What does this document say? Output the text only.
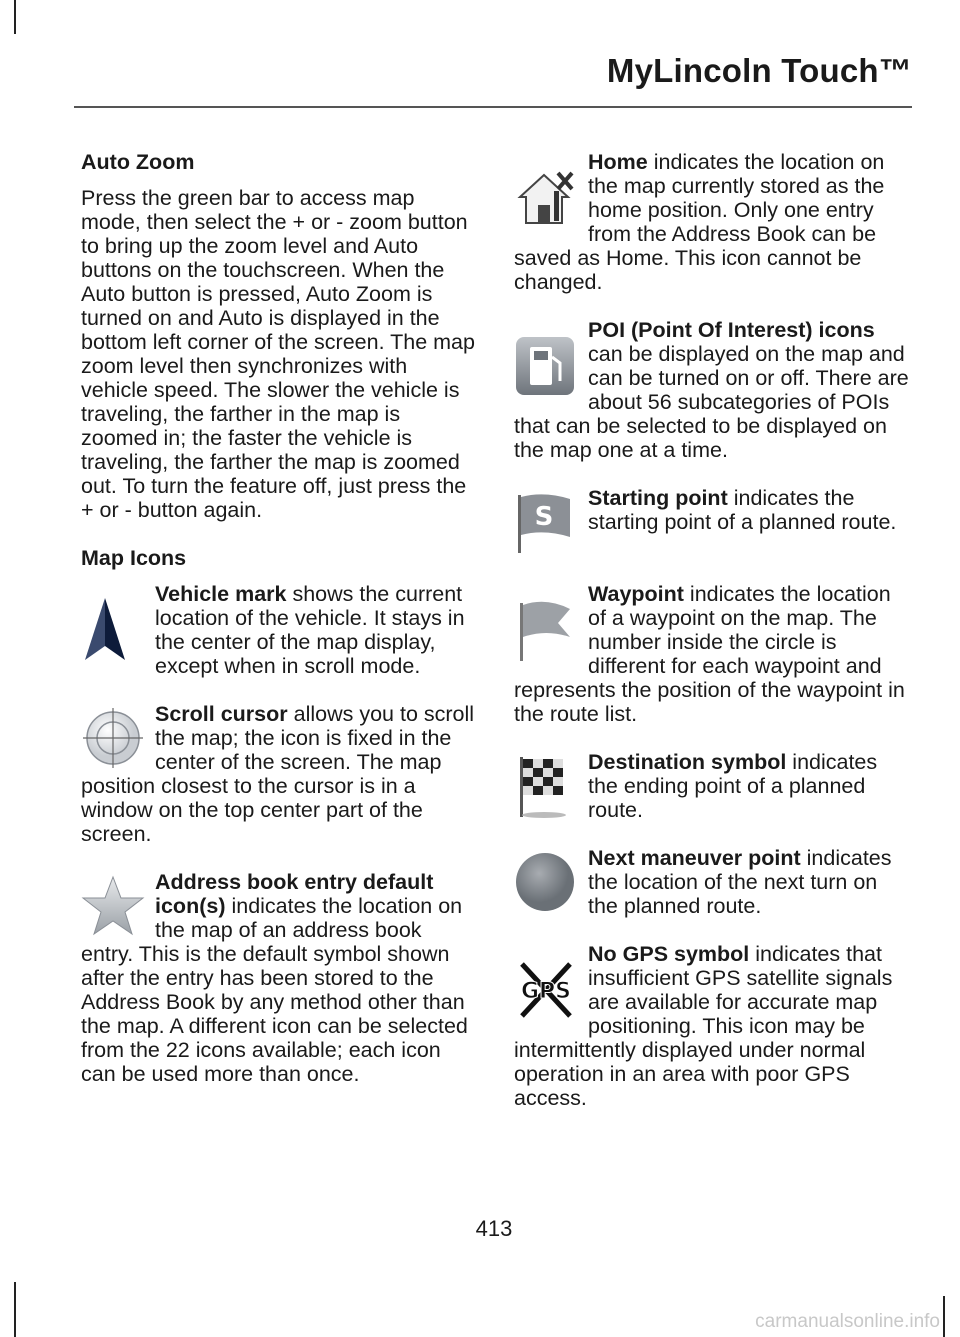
MyLincoln Touch™
Auto Zoom

Press the green bar to access map mode, then select the + or - zoom button to bring up the zoom level and Auto buttons on the touchscreen. When the Auto button is pressed, Auto Zoom is turned on and Auto is displayed in the bottom left corner of the screen. The map zoom level then synchronizes with vehicle speed. The slower the vehicle is traveling, the farther in the map is zoomed in; the faster the vehicle is traveling, the farther the map is zoomed out. To turn the feature off, just press the + or - button again.

Map Icons
Vehicle mark shows the current location of the vehicle. It stays in the center of the map display, except when in scroll mode.
Scroll cursor allows you to scroll the map; the icon is fixed in the center of the screen. The map position closest to the cursor is in a window on the top center part of the screen.
Address book entry default icon(s) indicates the location on the map of an address book entry. This is the default symbol shown after the entry has been stored to the Address Book by any method other than the map. A different icon can be selected from the 22 icons available; each icon can be used more than once.
Home indicates the location on the map currently stored as the home position. Only one entry from the Address Book can be saved as Home. This icon cannot be changed.
POI (Point Of Interest) icons can be displayed on the map and can be turned on or off. There are about 56 subcategories of POIs that can be selected to be displayed on the map one at a time.
S
Starting point indicates the starting point of a planned route.
Waypoint indicates the location of a waypoint on the map. The number inside the circle is different for each waypoint and represents the position of the waypoint in the route list.
Destination symbol indicates the ending point of a planned route.
Next maneuver point indicates the location of the next turn on the planned route.
GPS
No GPS symbol indicates that insufficient GPS satellite signals are available for accurate map positioning. This icon may be intermittently displayed under normal operation in an area with poor GPS access.
413
carmanualsonline.info
